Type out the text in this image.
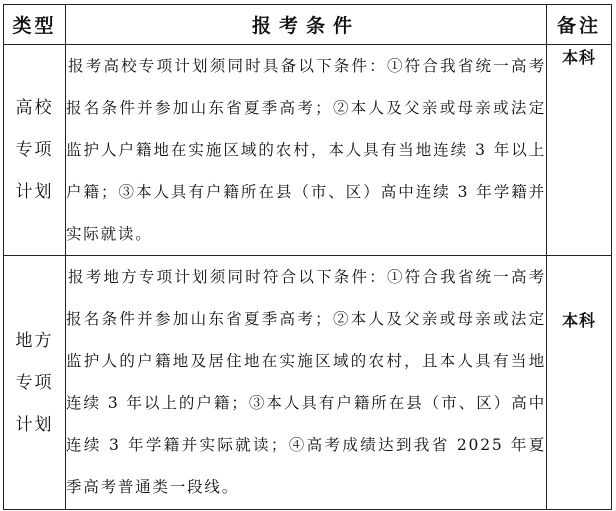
类型	报考条件	备注

高校
专项
计划	报考高校专项计划须同时具备以下条件：①符合我省统一高考报名条件并参加山东省夏季高考；②本人及父亲或母亲或法定监护人户籍地在实施区域的农村，本人具有当地连续 3 年以上户籍；③本人具有户籍所在县（市、区）高中连续 3 年学籍并实际就读。	本科

地方
专项
计划	报考地方专项计划须同时符合以下条件：①符合我省统一高考报名条件并参加山东省夏季高考；②本人及父亲或母亲或法定监护人的户籍地及居住地在实施区域的农村，且本人具有当地连续 3 年以上的户籍；③本人具有户籍所在县（市、区）高中连续 3 年学籍并实际就读；④高考成绩达到我省 2025 年夏季高考普通类一段线。	本科
